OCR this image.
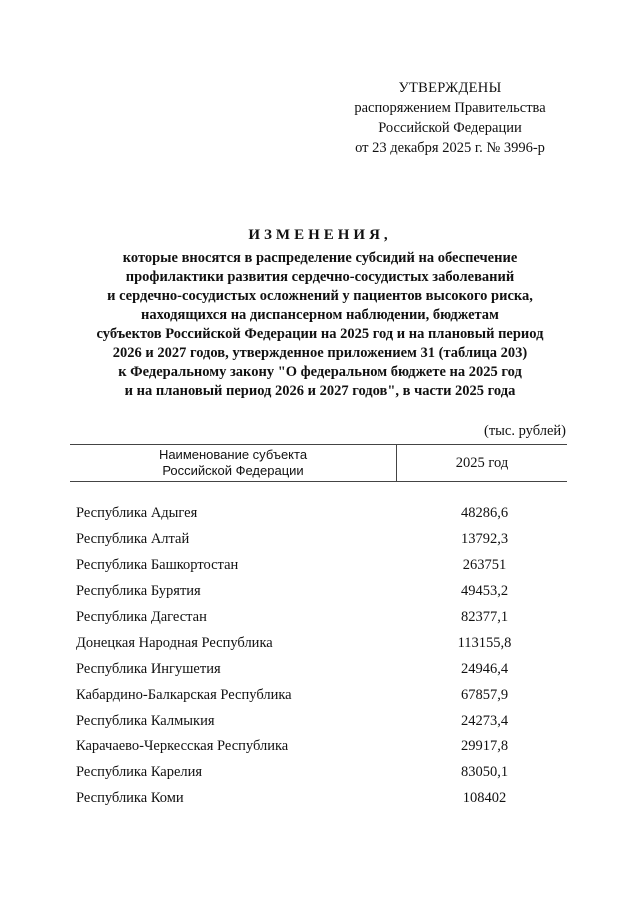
УТВЕРЖДЕНЫ
распоряжением Правительства
Российской Федерации
от 23 декабря 2025 г. № 3996-р
ИЗМЕНЕНИЯ,
которые вносятся в распределение субсидий на обеспечение
профилактики развития сердечно-сосудистых заболеваний
и сердечно-сосудистых осложнений у пациентов высокого риска,
находящихся на диспансерном наблюдении, бюджетам
субъектов Российской Федерации на 2025 год и на плановый период
2026 и 2027 годов, утвержденное приложением 31 (таблица 203)
к Федеральному закону "О федеральном бюджете на 2025 год
и на плановый период 2026 и 2027 годов", в части 2025 года
(тыс. рублей)
Наименование субъекта
Российской Федерации	2025 год
Республика Адыгея	48286,6
Республика Алтай	13792,3
Республика Башкортостан	263751
Республика Бурятия	49453,2
Республика Дагестан	82377,1
Донецкая Народная Республика	113155,8
Республика Ингушетия	24946,4
Кабардино-Балкарская Республика	67857,9
Республика Калмыкия	24273,4
Карачаево-Черкесская Республика	29917,8
Республика Карелия	83050,1
Республика Коми	108402
